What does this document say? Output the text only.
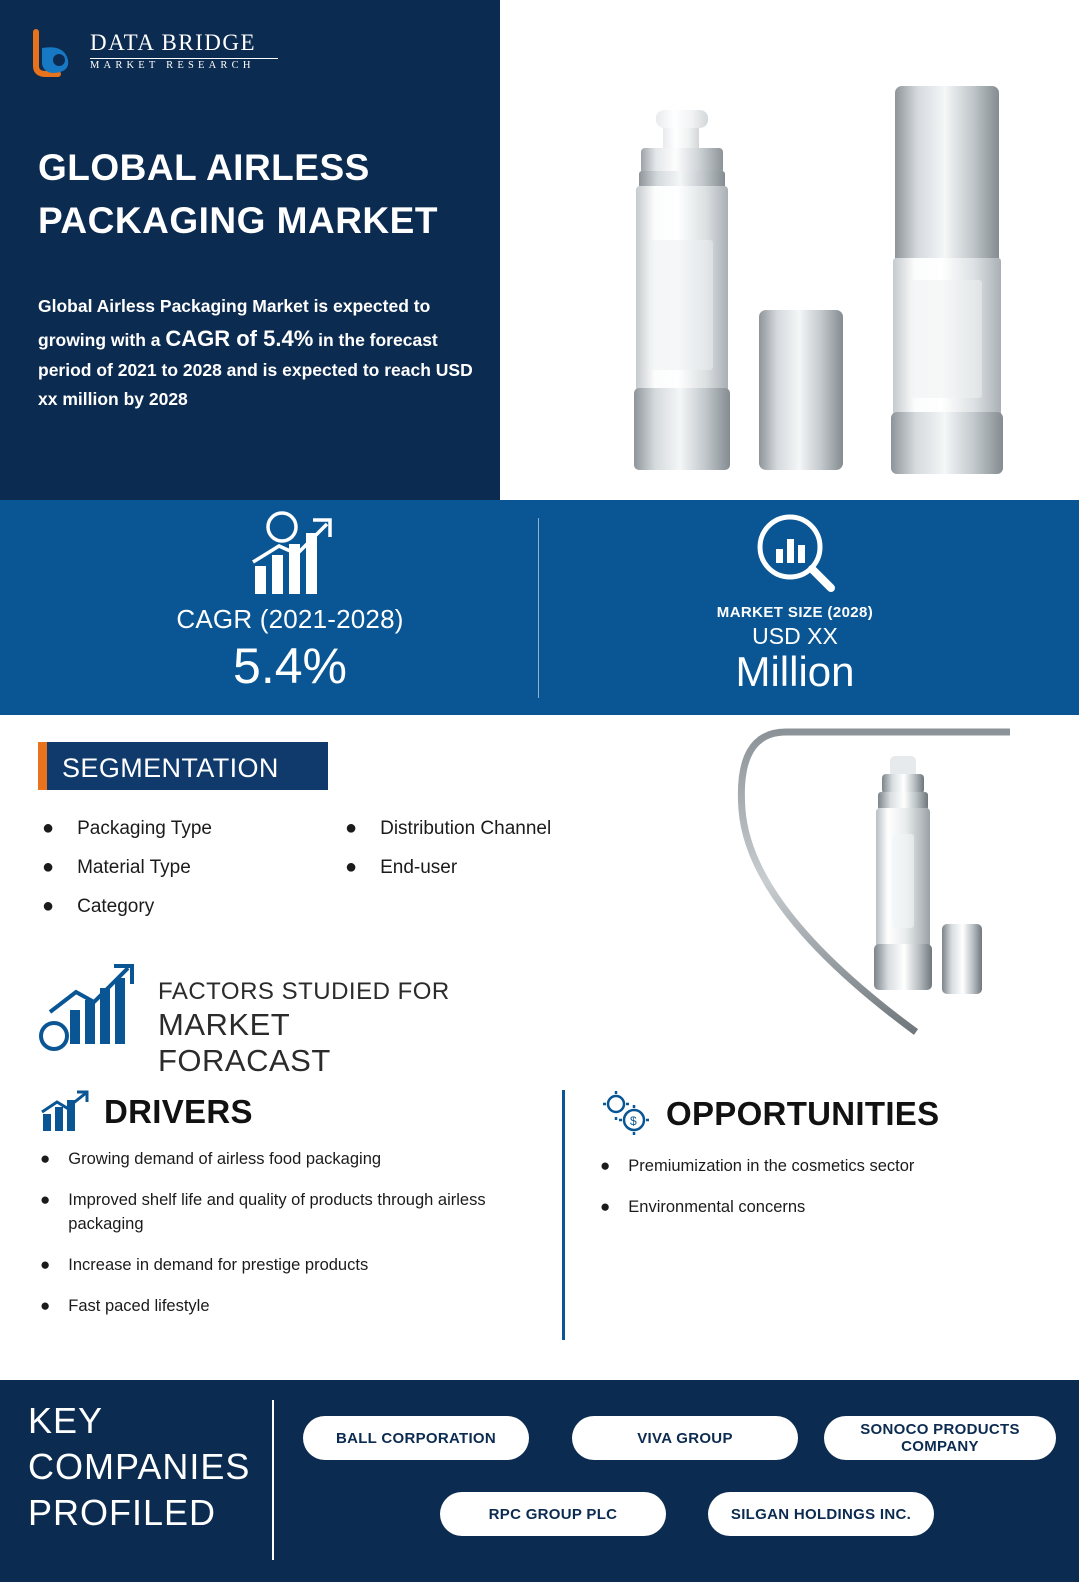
DATA BRIDGE
MARKET RESEARCH
GLOBAL AIRLESS
PACKAGING MARKET
Global Airless Packaging Market is expected to growing with a CAGR of 5.4% in the forecast period of 2021 to 2028 and is expected to reach USD xx million by 2028
CAGR (2021-2028)
5.4%
MARKET SIZE (2028)
USD XX
Million
SEGMENTATION
● Packaging Type
● Material Type
● Category
● Distribution Channel
● End-user
FACTORS STUDIED FOR
MARKET FORACAST
DRIVERS
● Growing demand of airless food packaging
● Improved shelf life and quality of products through airless packaging
● Increase in demand for prestige products
● Fast paced lifestyle
$ OPPORTUNITIES
● Premiumization in the cosmetics sector
● Environmental concerns
KEY
COMPANIES
PROFILED
BALL CORPORATION	VIVA GROUP	SONOCO PRODUCTS COMPANY
RPC GROUP PLC	SILGAN HOLDINGS INC.
